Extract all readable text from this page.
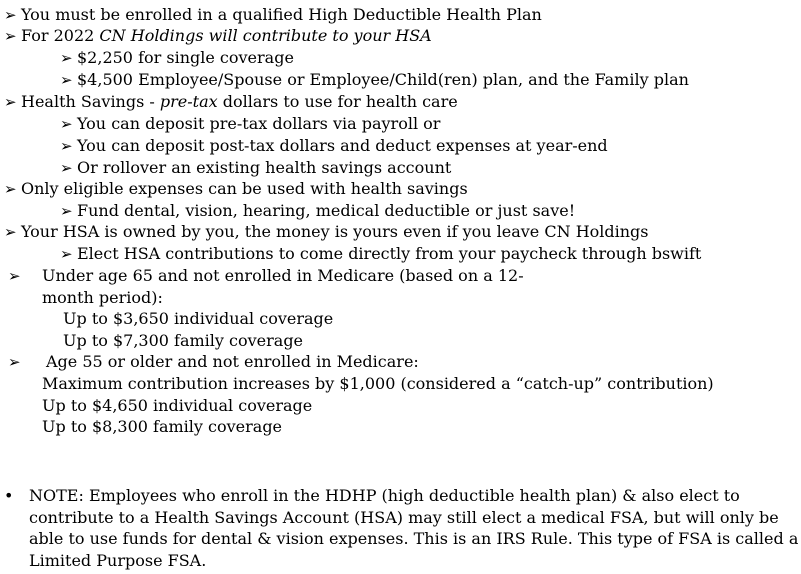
➢ You must be enrolled in a qualified High Deductible Health Plan
➢ For 2022 CN Holdings will contribute to your HSA
➢ $2,250 for single coverage
➢ $4,500 Employee/Spouse or Employee/Child(ren) plan, and the Family plan
➢ Health Savings - pre-tax dollars to use for health care
➢ You can deposit pre-tax dollars via payroll or
➢ You can deposit post-tax dollars and deduct expenses at year-end
➢ Or rollover an existing health savings account
➢ Only eligible expenses can be used with health savings
➢ Fund dental, vision, hearing, medical deductible or just save!
➢ Your HSA is owned by you, the money is yours even if you leave CN Holdings
➢ Elect HSA contributions to come directly from your paycheck through bswift
➢ Under age 65 and not enrolled in Medicare (based on a 12-
month period):
Up to $3,650 individual coverage
Up to $7,300 family coverage
➢ Age 55 or older and not enrolled in Medicare:
Maximum contribution increases by $1,000 (considered a “catch-up” contribution)
Up to $4,650 individual coverage
Up to $8,300 family coverage
• NOTE: Employees who enroll in the HDHP (high deductible health plan) & also elect to contribute to a Health Savings Account (HSA) may still elect a medical FSA, but will only be able to use funds for dental & vision expenses. This is an IRS Rule. This type of FSA is called a Limited Purpose FSA.
